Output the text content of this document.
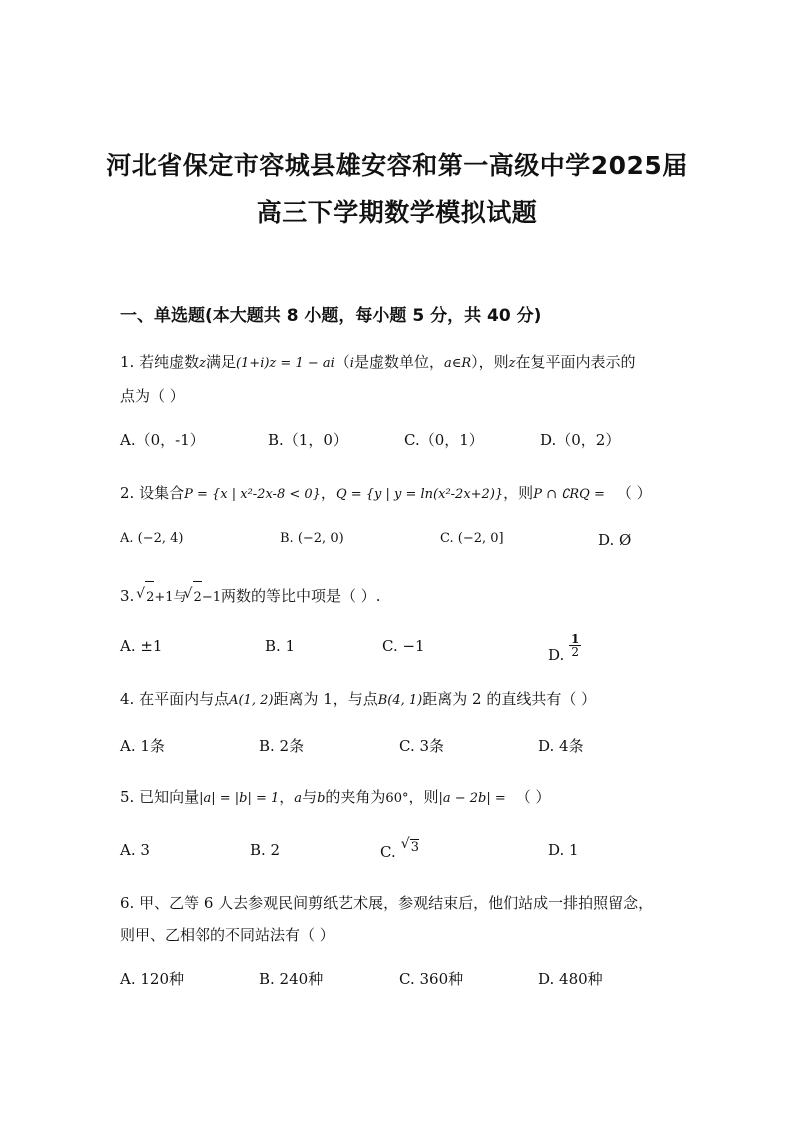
河北省保定市容城县雄安容和第一高级中学2025届
高三下学期数学模拟试题
一、单选题(本大题共 8 小题，每小题 5 分，共 40 分)
1. 若纯虚数z满足(1+i)z = 1 − ai（i是虚数单位，a∈R），则z在复平面内表示的
点为（ ）
A.（0，-1）	B.（1，0）	C.（0，1）	D.（0，2）
2. 设集合P = {x | x²-2x-8 < 0}，Q = {y | y = ln(x²-2x+2)}，则P ∩ ∁RQ = （ ）
A. (−2, 4)	B. (−2, 0)	C. (−2, 0]	D. Ø
3. √ 2+1与 √ 2−1两数的等比中项是（ ）.
A. ±1	B. 1	C. −1	D. $\frac{1}{2}$
4. 在平面内与点A(1, 2)距离为 1，与点B(4, 1)距离为 2 的直线共有（ ）
A. 1条	B. 2条	C. 3条	D. 4条
5. 已知向量|a| = |b| = 1，a与b的夹角为60°，则|a − 2b| = （ ）
A. 3	B. 2	C. √ 3	D. 1
6. 甲、乙等 6 人去参观民间剪纸艺术展，参观结束后，他们站成一排拍照留念，
则甲、乙相邻的不同站法有（ ）
A. 120种	B. 240种	C. 360种	D. 480种
